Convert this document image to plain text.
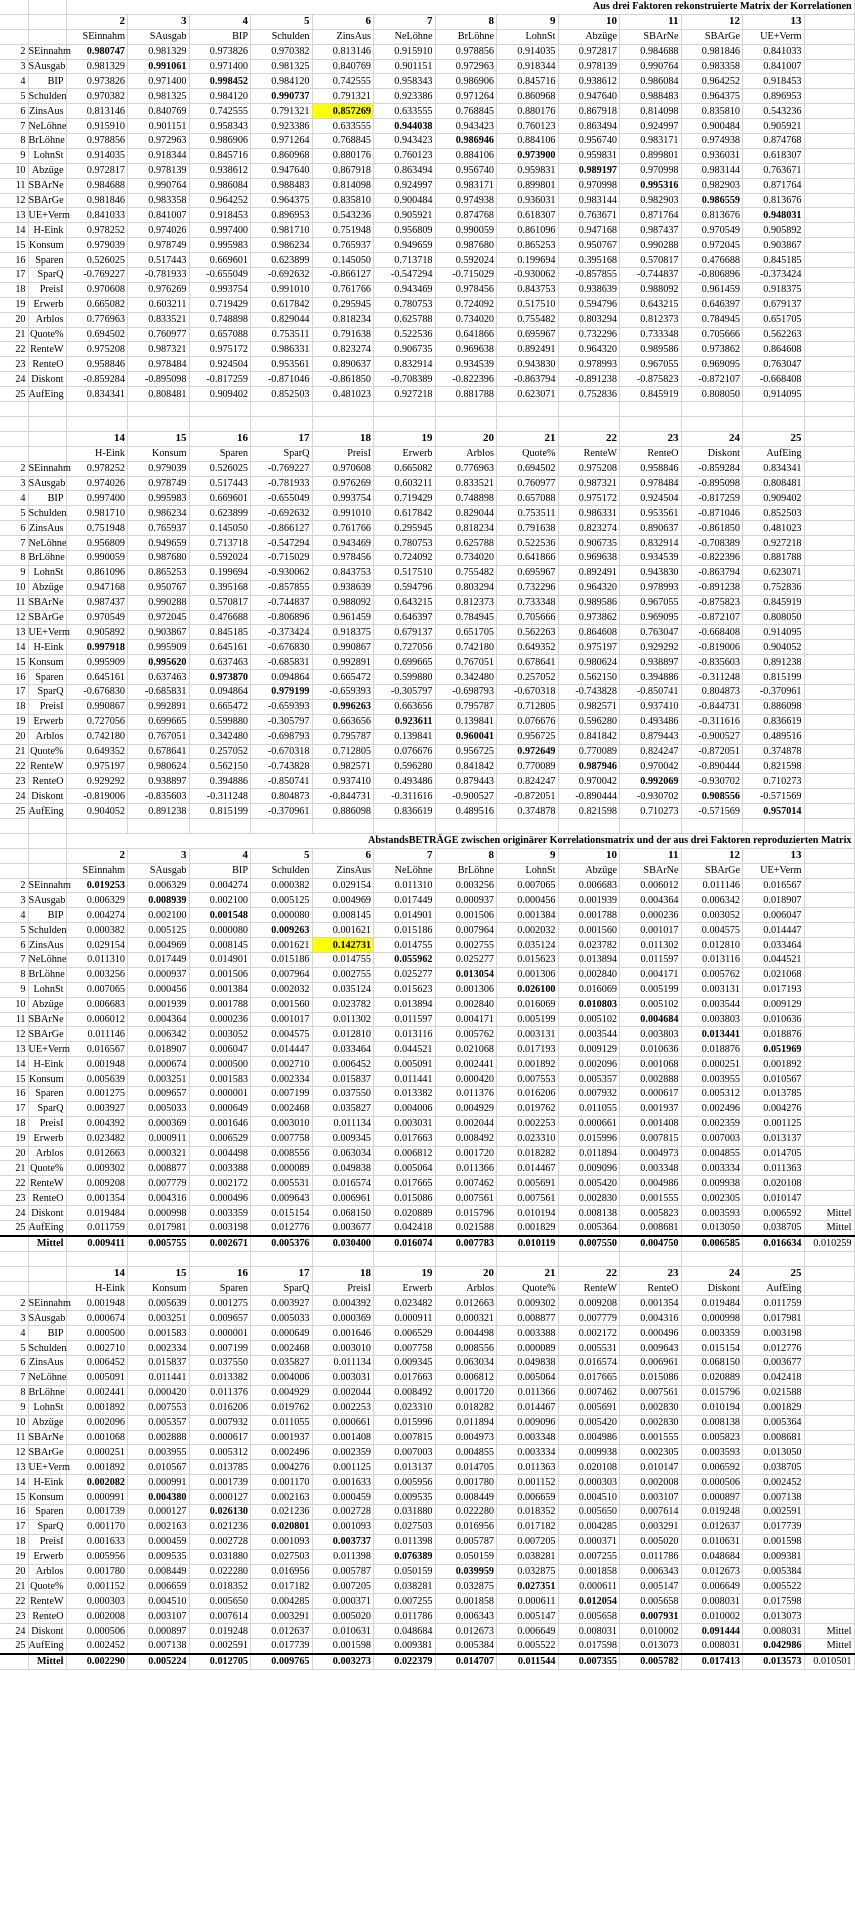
		Aus drei Faktoren rekonstruierte Matrix der Korrelationen												
		2	3	4	5	6	7	8	9	10	11	12	13	
		SEinnahm	SAusgab	BIP	Schulden	ZinsAus	NeLöhne	BrLöhne	LohnSt	Abzüge	SBArNe	SBArGe	UE+Verm	
2	SEinnahm	0.980747	0.981329	0.973826	0.970382	0.813146	0.915910	0.978856	0.914035	0.972817	0.984688	0.981846	0.841033	
3	SAusgab	0.981329	0.991061	0.971400	0.981325	0.840769	0.901151	0.972963	0.918344	0.978139	0.990764	0.983358	0.841007	
4	BIP	0.973826	0.971400	0.998452	0.984120	0.742555	0.958343	0.986906	0.845716	0.938612	0.986084	0.964252	0.918453	
5	Schulden	0.970382	0.981325	0.984120	0.990737	0.791321	0.923386	0.971264	0.860968	0.947640	0.988483	0.964375	0.896953	
6	ZinsAus	0.813146	0.840769	0.742555	0.791321	0.857269	0.633555	0.768845	0.880176	0.867918	0.814098	0.835810	0.543236	
7	NeLöhne	0.915910	0.901151	0.958343	0.923386	0.633555	0.944038	0.943423	0.760123	0.863494	0.924997	0.900484	0.905921	
8	BrLöhne	0.978856	0.972963	0.986906	0.971264	0.768845	0.943423	0.986946	0.884106	0.956740	0.983171	0.974938	0.874768	
9	LohnSt	0.914035	0.918344	0.845716	0.860968	0.880176	0.760123	0.884106	0.973900	0.959831	0.899801	0.936031	0.618307	
10	Abzüge	0.972817	0.978139	0.938612	0.947640	0.867918	0.863494	0.956740	0.959831	0.989197	0.970998	0.983144	0.763671	
11	SBArNe	0.984688	0.990764	0.986084	0.988483	0.814098	0.924997	0.983171	0.899801	0.970998	0.995316	0.982903	0.871764	
12	SBArGe	0.981846	0.983358	0.964252	0.964375	0.835810	0.900484	0.974938	0.936031	0.983144	0.982903	0.986559	0.813676	
13	UE+Verm	0.841033	0.841007	0.918453	0.896953	0.543236	0.905921	0.874768	0.618307	0.763671	0.871764	0.813676	0.948031	
14	H-Eink	0.978252	0.974026	0.997400	0.981710	0.751948	0.956809	0.990059	0.861096	0.947168	0.987437	0.970549	0.905892	
15	Konsum	0.979039	0.978749	0.995983	0.986234	0.765937	0.949659	0.987680	0.865253	0.950767	0.990288	0.972045	0.903867	
16	Sparen	0.526025	0.517443	0.669601	0.623899	0.145050	0.713718	0.592024	0.199694	0.395168	0.570817	0.476688	0.845185	
17	SparQ	-0.769227	-0.781933	-0.655049	-0.692632	-0.866127	-0.547294	-0.715029	-0.930062	-0.857855	-0.744837	-0.806896	-0.373424	
18	PreisI	0.970608	0.976269	0.993754	0.991010	0.761766	0.943469	0.978456	0.843753	0.938639	0.988092	0.961459	0.918375	
19	Erwerb	0.665082	0.603211	0.719429	0.617842	0.295945	0.780753	0.724092	0.517510	0.594796	0.643215	0.646397	0.679137	
20	Arblos	0.776963	0.833521	0.748898	0.829044	0.818234	0.625788	0.734020	0.755482	0.803294	0.812373	0.784945	0.651705	
21	Quote%	0.694502	0.760977	0.657088	0.753511	0.791638	0.522536	0.641866	0.695967	0.732296	0.733348	0.705666	0.562263	
22	RenteW	0.975208	0.987321	0.975172	0.986331	0.823274	0.906735	0.969638	0.892491	0.964320	0.989586	0.973862	0.864608	
23	RenteO	0.958846	0.978484	0.924504	0.953561	0.890637	0.832914	0.934539	0.943830	0.978993	0.967055	0.969095	0.763047	
24	Diskont	-0.859284	-0.895098	-0.817259	-0.871046	-0.861850	-0.708389	-0.822396	-0.863794	-0.891238	-0.875823	-0.872107	-0.668408	
25	AufEing	0.834341	0.808481	0.909402	0.852503	0.481023	0.927218	0.881788	0.623071	0.752836	0.845919	0.808050	0.914095	

		14	15	16	17	18	19	20	21	22	23	24	25	
		H-Eink	Konsum	Sparen	SparQ	PreisI	Erwerb	Arblos	Quote%	RenteW	RenteO	Diskont	AufEing	
2	SEinnahm	0.978252	0.979039	0.526025	-0.769227	0.970608	0.665082	0.776963	0.694502	0.975208	0.958846	-0.859284	0.834341	
3	SAusgab	0.974026	0.978749	0.517443	-0.781933	0.976269	0.603211	0.833521	0.760977	0.987321	0.978484	-0.895098	0.808481	
4	BIP	0.997400	0.995983	0.669601	-0.655049	0.993754	0.719429	0.748898	0.657088	0.975172	0.924504	-0.817259	0.909402	
5	Schulden	0.981710	0.986234	0.623899	-0.692632	0.991010	0.617842	0.829044	0.753511	0.986331	0.953561	-0.871046	0.852503	
6	ZinsAus	0.751948	0.765937	0.145050	-0.866127	0.761766	0.295945	0.818234	0.791638	0.823274	0.890637	-0.861850	0.481023	
7	NeLöhne	0.956809	0.949659	0.713718	-0.547294	0.943469	0.780753	0.625788	0.522536	0.906735	0.832914	-0.708389	0.927218	
8	BrLöhne	0.990059	0.987680	0.592024	-0.715029	0.978456	0.724092	0.734020	0.641866	0.969638	0.934539	-0.822396	0.881788	
9	LohnSt	0.861096	0.865253	0.199694	-0.930062	0.843753	0.517510	0.755482	0.695967	0.892491	0.943830	-0.863794	0.623071	
10	Abzüge	0.947168	0.950767	0.395168	-0.857855	0.938639	0.594796	0.803294	0.732296	0.964320	0.978993	-0.891238	0.752836	
11	SBArNe	0.987437	0.990288	0.570817	-0.744837	0.988092	0.643215	0.812373	0.733348	0.989586	0.967055	-0.875823	0.845919	
12	SBArGe	0.970549	0.972045	0.476688	-0.806896	0.961459	0.646397	0.784945	0.705666	0.973862	0.969095	-0.872107	0.808050	
13	UE+Verm	0.905892	0.903867	0.845185	-0.373424	0.918375	0.679137	0.651705	0.562263	0.864608	0.763047	-0.668408	0.914095	
14	H-Eink	0.997918	0.995909	0.645161	-0.676830	0.990867	0.727056	0.742180	0.649352	0.975197	0.929292	-0.819006	0.904052	
15	Konsum	0.995909	0.995620	0.637463	-0.685831	0.992891	0.699665	0.767051	0.678641	0.980624	0.938897	-0.835603	0.891238	
16	Sparen	0.645161	0.637463	0.973870	0.094864	0.665472	0.599880	0.342480	0.257052	0.562150	0.394886	-0.311248	0.815199	
17	SparQ	-0.676830	-0.685831	0.094864	0.979199	-0.659393	-0.305797	-0.698793	-0.670318	-0.743828	-0.850741	0.804873	-0.370961	
18	PreisI	0.990867	0.992891	0.665472	-0.659393	0.996263	0.663656	0.795787	0.712805	0.982571	0.937410	-0.844731	0.886098	
19	Erwerb	0.727056	0.699665	0.599880	-0.305797	0.663656	0.923611	0.139841	0.076676	0.596280	0.493486	-0.311616	0.836619	
20	Arblos	0.742180	0.767051	0.342480	-0.698793	0.795787	0.139841	0.960041	0.956725	0.841842	0.879443	-0.900527	0.489516	
21	Quote%	0.649352	0.678641	0.257052	-0.670318	0.712805	0.076676	0.956725	0.972649	0.770089	0.824247	-0.872051	0.374878	
22	RenteW	0.975197	0.980624	0.562150	-0.743828	0.982571	0.596280	0.841842	0.770089	0.987946	0.970042	-0.890444	0.821598	
23	RenteO	0.929292	0.938897	0.394886	-0.850741	0.937410	0.493486	0.879443	0.824247	0.970042	0.992069	-0.930702	0.710273	
24	Diskont	-0.819006	-0.835603	-0.311248	0.804873	-0.844731	-0.311616	-0.900527	-0.872051	-0.890444	-0.930702	0.908556	-0.571569	
25	AufEing	0.904052	0.891238	0.815199	-0.370961	0.886098	0.836619	0.489516	0.374878	0.821598	0.710273	-0.571569	0.957014	

		AbstandsBETRÄGE zwischen originärer Korrelationsmatrix und der aus drei Faktoren reproduzierten Matrix												
		2	3	4	5	6	7	8	9	10	11	12	13	
		SEinnahm	SAusgab	BIP	Schulden	ZinsAus	NeLöhne	BrLöhne	LohnSt	Abzüge	SBArNe	SBArGe	UE+Verm	
2	SEinnahm	0.019253	0.006329	0.004274	0.000382	0.029154	0.011310	0.003256	0.007065	0.006683	0.006012	0.011146	0.016567	
3	SAusgab	0.006329	0.008939	0.002100	0.005125	0.004969	0.017449	0.000937	0.000456	0.001939	0.004364	0.006342	0.018907	
4	BIP	0.004274	0.002100	0.001548	0.000080	0.008145	0.014901	0.001506	0.001384	0.001788	0.000236	0.003052	0.006047	
5	Schulden	0.000382	0.005125	0.000080	0.009263	0.001621	0.015186	0.007964	0.002032	0.001560	0.001017	0.004575	0.014447	
6	ZinsAus	0.029154	0.004969	0.008145	0.001621	0.142731	0.014755	0.002755	0.035124	0.023782	0.011302	0.012810	0.033464	
7	NeLöhne	0.011310	0.017449	0.014901	0.015186	0.014755	0.055962	0.025277	0.015623	0.013894	0.011597	0.013116	0.044521	
8	BrLöhne	0.003256	0.000937	0.001506	0.007964	0.002755	0.025277	0.013054	0.001306	0.002840	0.004171	0.005762	0.021068	
9	LohnSt	0.007065	0.000456	0.001384	0.002032	0.035124	0.015623	0.001306	0.026100	0.016069	0.005199	0.003131	0.017193	
10	Abzüge	0.006683	0.001939	0.001788	0.001560	0.023782	0.013894	0.002840	0.016069	0.010803	0.005102	0.003544	0.009129	
11	SBArNe	0.006012	0.004364	0.000236	0.001017	0.011302	0.011597	0.004171	0.005199	0.005102	0.004684	0.003803	0.010636	
12	SBArGe	0.011146	0.006342	0.003052	0.004575	0.012810	0.013116	0.005762	0.003131	0.003544	0.003803	0.013441	0.018876	
13	UE+Verm	0.016567	0.018907	0.006047	0.014447	0.033464	0.044521	0.021068	0.017193	0.009129	0.010636	0.018876	0.051969	
14	H-Eink	0.001948	0.000674	0.000500	0.002710	0.006452	0.005091	0.002441	0.001892	0.002096	0.001068	0.000251	0.001892	
15	Konsum	0.005639	0.003251	0.001583	0.002334	0.015837	0.011441	0.000420	0.007553	0.005357	0.002888	0.003955	0.010567	
16	Sparen	0.001275	0.009657	0.000001	0.007199	0.037550	0.013382	0.011376	0.016206	0.007932	0.000617	0.005312	0.013785	
17	SparQ	0.003927	0.005033	0.000649	0.002468	0.035827	0.004006	0.004929	0.019762	0.011055	0.001937	0.002496	0.004276	
18	PreisI	0.004392	0.000369	0.001646	0.003010	0.011134	0.003031	0.002044	0.002253	0.000661	0.001408	0.002359	0.001125	
19	Erwerb	0.023482	0.000911	0.006529	0.007758	0.009345	0.017663	0.008492	0.023310	0.015996	0.007815	0.007003	0.013137	
20	Arblos	0.012663	0.000321	0.004498	0.008556	0.063034	0.006812	0.001720	0.018282	0.011894	0.004973	0.004855	0.014705	
21	Quote%	0.009302	0.008877	0.003388	0.000089	0.049838	0.005064	0.011366	0.014467	0.009096	0.003348	0.003334	0.011363	
22	RenteW	0.009208	0.007779	0.002172	0.005531	0.016574	0.017665	0.007462	0.005691	0.005420	0.004986	0.009938	0.020108	
23	RenteO	0.001354	0.004316	0.000496	0.009643	0.006961	0.015086	0.007561	0.007561	0.002830	0.001555	0.002305	0.010147	
24	Diskont	0.019484	0.000998	0.003359	0.015154	0.068150	0.020889	0.015796	0.010194	0.008138	0.005823	0.003593	0.006592	Mittel
25	AufEing	0.011759	0.017981	0.003198	0.012776	0.003677	0.042418	0.021588	0.001829	0.005364	0.008681	0.013050	0.038705	Mittel
	Mittel	0.009411	0.005755	0.002671	0.005376	0.030400	0.016074	0.007783	0.010119	0.007550	0.004750	0.006585	0.016634	0.010259

		14	15	16	17	18	19	20	21	22	23	24	25	
		H-Eink	Konsum	Sparen	SparQ	PreisI	Erwerb	Arblos	Quote%	RenteW	RenteO	Diskont	AufEing	
2	SEinnahm	0.001948	0.005639	0.001275	0.003927	0.004392	0.023482	0.012663	0.009302	0.009208	0.001354	0.019484	0.011759	
3	SAusgab	0.000674	0.003251	0.009657	0.005033	0.000369	0.000911	0.000321	0.008877	0.007779	0.004316	0.000998	0.017981	
4	BIP	0.000500	0.001583	0.000001	0.000649	0.001646	0.006529	0.004498	0.003388	0.002172	0.000496	0.003359	0.003198	
5	Schulden	0.002710	0.002334	0.007199	0.002468	0.003010	0.007758	0.008556	0.000089	0.005531	0.009643	0.015154	0.012776	
6	ZinsAus	0.006452	0.015837	0.037550	0.035827	0.011134	0.009345	0.063034	0.049838	0.016574	0.006961	0.068150	0.003677	
7	NeLöhne	0.005091	0.011441	0.013382	0.004006	0.003031	0.017663	0.006812	0.005064	0.017665	0.015086	0.020889	0.042418	
8	BrLöhne	0.002441	0.000420	0.011376	0.004929	0.002044	0.008492	0.001720	0.011366	0.007462	0.007561	0.015796	0.021588	
9	LohnSt	0.001892	0.007553	0.016206	0.019762	0.002253	0.023310	0.018282	0.014467	0.005691	0.002830	0.010194	0.001829	
10	Abzüge	0.002096	0.005357	0.007932	0.011055	0.000661	0.015996	0.011894	0.009096	0.005420	0.002830	0.008138	0.005364	
11	SBArNe	0.001068	0.002888	0.000617	0.001937	0.001408	0.007815	0.004973	0.003348	0.004986	0.001555	0.005823	0.008681	
12	SBArGe	0.000251	0.003955	0.005312	0.002496	0.002359	0.007003	0.004855	0.003334	0.009938	0.002305	0.003593	0.013050	
13	UE+Verm	0.001892	0.010567	0.013785	0.004276	0.001125	0.013137	0.014705	0.011363	0.020108	0.010147	0.006592	0.038705	
14	H-Eink	0.002082	0.000991	0.001739	0.001170	0.001633	0.005956	0.001780	0.001152	0.000303	0.002008	0.000506	0.002452	
15	Konsum	0.000991	0.004380	0.000127	0.002163	0.000459	0.009535	0.008449	0.006659	0.004510	0.003107	0.000897	0.007138	
16	Sparen	0.001739	0.000127	0.026130	0.021236	0.002728	0.031880	0.022280	0.018352	0.005650	0.007614	0.019248	0.002591	
17	SparQ	0.001170	0.002163	0.021236	0.020801	0.001093	0.027503	0.016956	0.017182	0.004285	0.003291	0.012637	0.017739	
18	PreisI	0.001633	0.000459	0.002728	0.001093	0.003737	0.011398	0.005787	0.007205	0.000371	0.005020	0.010631	0.001598	
19	Erwerb	0.005956	0.009535	0.031880	0.027503	0.011398	0.076389	0.050159	0.038281	0.007255	0.011786	0.048684	0.009381	
20	Arblos	0.001780	0.008449	0.022280	0.016956	0.005787	0.050159	0.039959	0.032875	0.001858	0.006343	0.012673	0.005384	
21	Quote%	0.001152	0.006659	0.018352	0.017182	0.007205	0.038281	0.032875	0.027351	0.000611	0.005147	0.006649	0.005522	
22	RenteW	0.000303	0.004510	0.005650	0.004285	0.000371	0.007255	0.001858	0.000611	0.012054	0.005658	0.008031	0.017598	
23	RenteO	0.002008	0.003107	0.007614	0.003291	0.005020	0.011786	0.006343	0.005147	0.005658	0.007931	0.010002	0.013073	
24	Diskont	0.000506	0.000897	0.019248	0.012637	0.010631	0.048684	0.012673	0.006649	0.008031	0.010002	0.091444	0.008031	Mittel
25	AufEing	0.002452	0.007138	0.002591	0.017739	0.001598	0.009381	0.005384	0.005522	0.017598	0.013073	0.008031	0.042986	Mittel
	Mittel	0.002290	0.005224	0.012705	0.009765	0.003273	0.022379	0.014707	0.011544	0.007355	0.005782	0.017413	0.013573	0.010501
